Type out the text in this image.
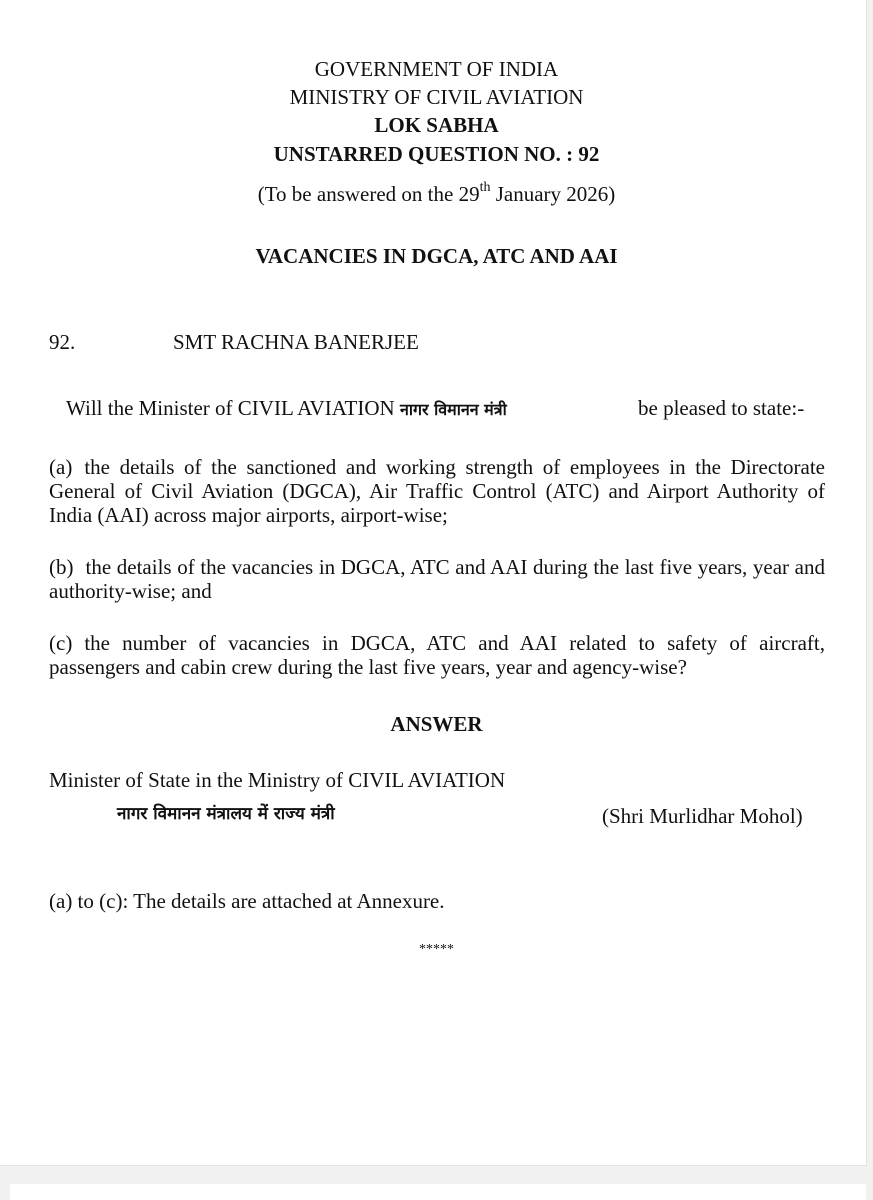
GOVERNMENT OF INDIA
MINISTRY OF CIVIL AVIATION
LOK SABHA
UNSTARRED QUESTION NO. : 92
(To be answered on the 29th January 2026)
VACANCIES IN DGCA, ATC AND AAI
92.	SMT RACHNA BANERJEE
Will the Minister of CIVIL AVIATION नागर विमानन मंत्री	be pleased to state:-
(a) the details of the sanctioned and working strength of employees in the Directorate General of Civil Aviation (DGCA), Air Traffic Control (ATC) and Airport Authority of India (AAI) across major airports, airport-wise;
(b) the details of the vacancies in DGCA, ATC and AAI during the last five years, year and authority-wise; and
(c) the number of vacancies in DGCA, ATC and AAI related to safety of aircraft, passengers and cabin crew during the last five years, year and agency-wise?
ANSWER
Minister of State in the Ministry of CIVIL AVIATION
नागर विमानन मंत्रालय में राज्य मंत्री	(Shri Murlidhar Mohol)
(a) to (c): The details are attached at Annexure.
*****
